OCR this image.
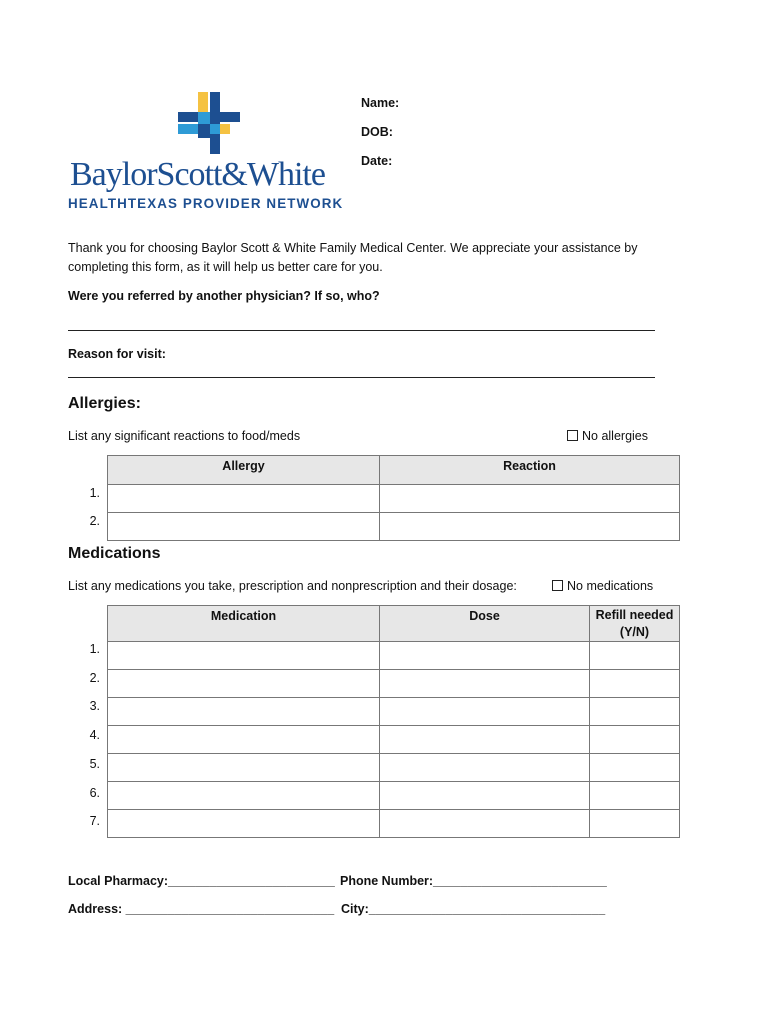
BaylorScott&White
HEALTHTEXAS PROVIDER NETWORK
Name:
DOB:
Date:
Thank you for choosing Baylor Scott & White Family Medical Center. We appreciate your assistance by
completing this form, as it will help us better care for you.
Were you referred by another physician? If so, who?
Reason for visit:
Allergies:
List any significant reactions to food/meds	No allergies
Allergy	Reaction

1.
2.
Medications
List any medications you take, prescription and nonprescription and their dosage:	No medications
Medication	Dose	Refill needed (Y/N)

1.
2.
3.
4.
5.
6.
7.
Local Pharmacy:________________________ Phone Number:_________________________
Address: ______________________________ City:__________________________________
